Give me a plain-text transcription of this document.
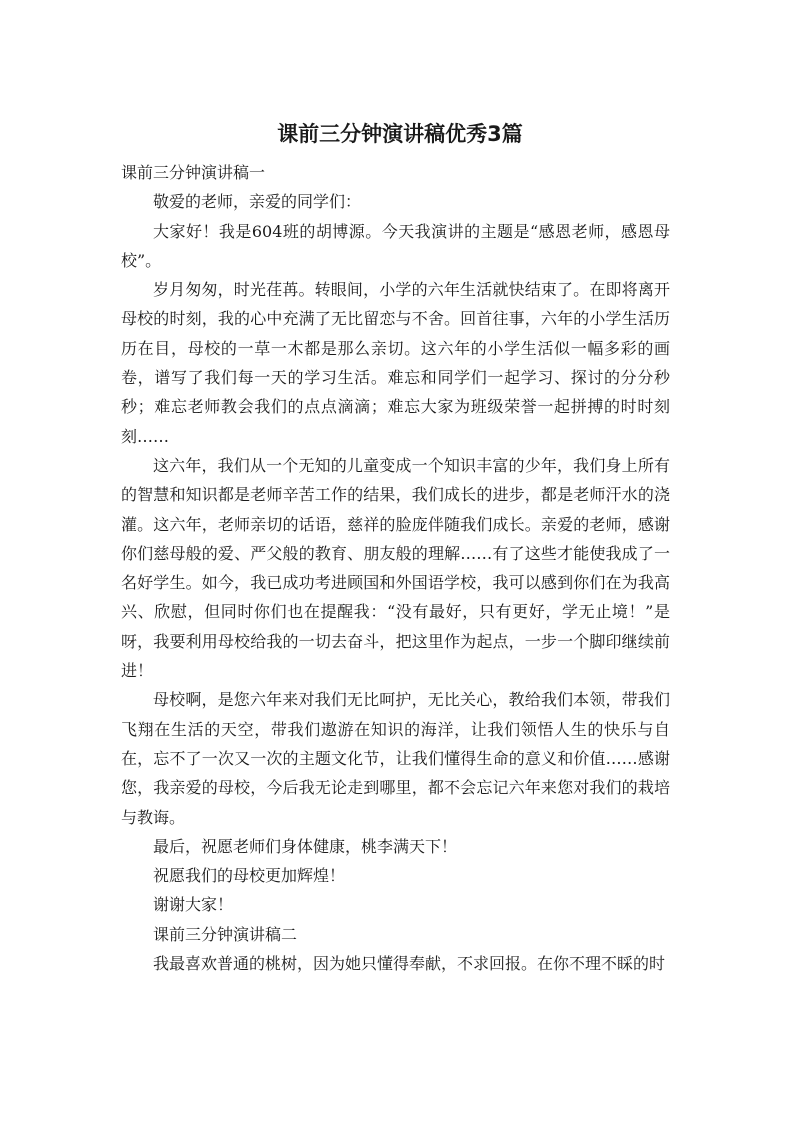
课前三分钟演讲稿优秀3篇

课前三分钟演讲稿一

敬爱的老师，亲爱的同学们：

大家好！我是604班的胡博源。今天我演讲的主题是“感恩老师，感恩母校”。

岁月匆匆，时光荏苒。转眼间，小学的六年生活就快结束了。在即将离开母校的时刻，我的心中充满了无比留恋与不舍。回首往事，六年的小学生活历历在目，母校的一草一木都是那么亲切。这六年的小学生活似一幅多彩的画卷，谱写了我们每一天的学习生活。难忘和同学们一起学习、探讨的分分秒秒；难忘老师教会我们的点点滴滴；难忘大家为班级荣誉一起拼搏的时时刻刻……

这六年，我们从一个无知的儿童变成一个知识丰富的少年，我们身上所有的智慧和知识都是老师辛苦工作的结果，我们成长的进步，都是老师汗水的浇灌。这六年，老师亲切的话语，慈祥的脸庞伴随我们成长。亲爱的老师，感谢你们慈母般的爱、严父般的教育、朋友般的理解……有了这些才能使我成了一名好学生。如今，我已成功考进顾国和外国语学校，我可以感到你们在为我高兴、欣慰，但同时你们也在提醒我：“没有最好，只有更好，学无止境！”是呀，我要利用母校给我的一切去奋斗，把这里作为起点，一步一个脚印继续前进！

母校啊，是您六年来对我们无比呵护，无比关心，教给我们本领，带我们飞翔在生活的天空，带我们遨游在知识的海洋，让我们领悟人生的快乐与自在，忘不了一次又一次的主题文化节，让我们懂得生命的意义和价值……感谢您，我亲爱的母校，今后我无论走到哪里，都不会忘记六年来您对我们的栽培与教诲。

最后，祝愿老师们身体健康，桃李满天下！

祝愿我们的母校更加辉煌！

谢谢大家！

课前三分钟演讲稿二

我最喜欢普通的桃树，因为她只懂得奉献，不求回报。在你不理不睬的时
